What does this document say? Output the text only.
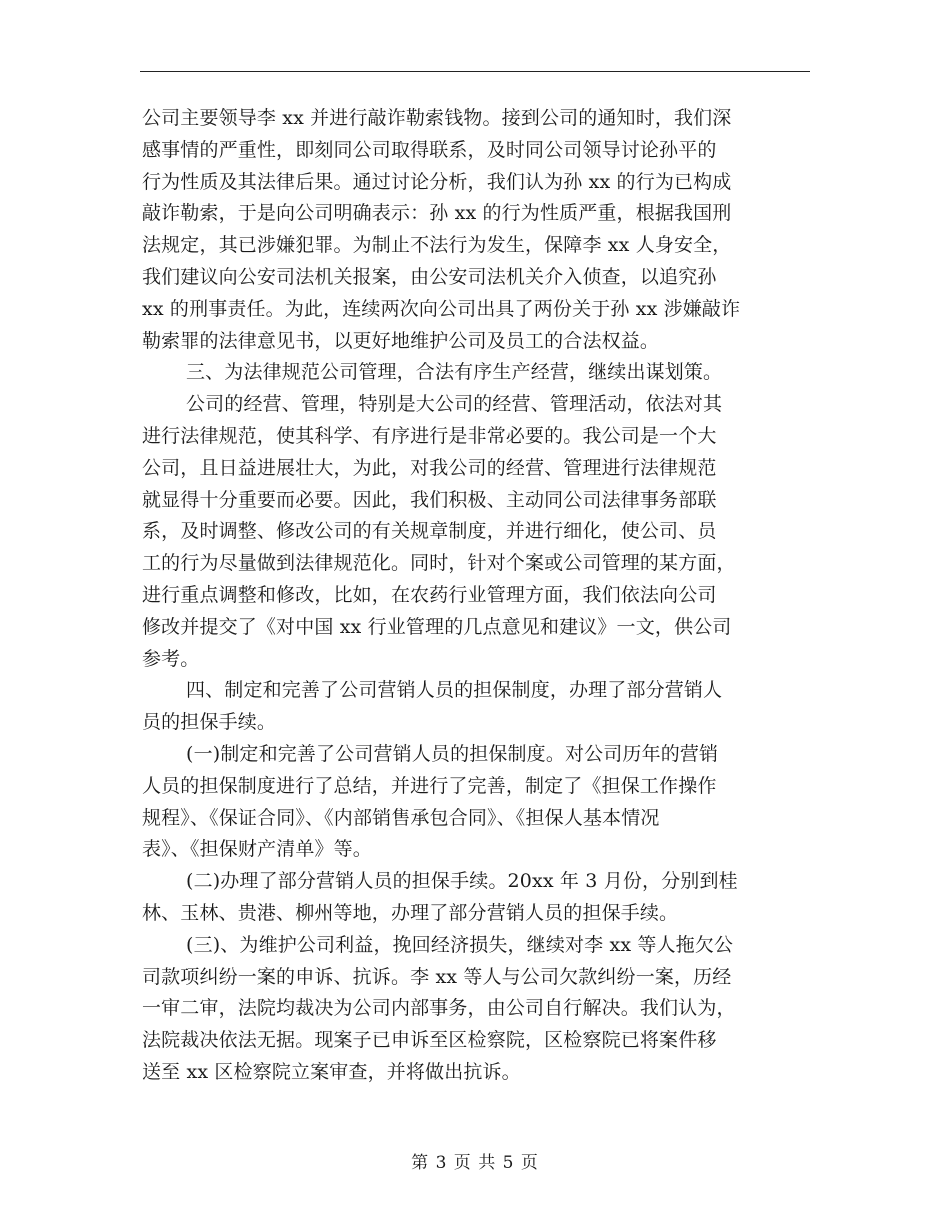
公司主要领导李 xx 并进行敲诈勒索钱物。接到公司的通知时，我们深
感事情的严重性，即刻同公司取得联系，及时同公司领导讨论孙平的
行为性质及其法律后果。通过讨论分析，我们认为孙 xx 的行为已构成
敲诈勒索，于是向公司明确表示：孙 xx 的行为性质严重，根据我国刑
法规定，其已涉嫌犯罪。为制止不法行为发生，保障李 xx 人身安全，
我们建议向公安司法机关报案，由公安司法机关介入侦查，以追究孙
xx 的刑事责任。为此，连续两次向公司出具了两份关于孙 xx 涉嫌敲诈
勒索罪的法律意见书，以更好地维护公司及员工的合法权益。
三、为法律规范公司管理，合法有序生产经营，继续出谋划策。
公司的经营、管理，特别是大公司的经营、管理活动，依法对其
进行法律规范，使其科学、有序进行是非常必要的。我公司是一个大
公司，且日益进展壮大，为此，对我公司的经营、管理进行法律规范
就显得十分重要而必要。因此，我们积极、主动同公司法律事务部联
系，及时调整、修改公司的有关规章制度，并进行细化，使公司、员
工的行为尽量做到法律规范化。同时，针对个案或公司管理的某方面，
进行重点调整和修改，比如，在农药行业管理方面，我们依法向公司
修改并提交了《对中国 xx 行业管理的几点意见和建议》一文，供公司
参考。
四、制定和完善了公司营销人员的担保制度，办理了部分营销人
员的担保手续。
(一)制定和完善了公司营销人员的担保制度。对公司历年的营销
人员的担保制度进行了总结，并进行了完善，制定了《担保工作操作
规程》、《保证合同》、《内部销售承包合同》、《担保人基本情况
表》、《担保财产清单》等。
(二)办理了部分营销人员的担保手续。20xx 年 3 月份，分别到桂
林、玉林、贵港、柳州等地，办理了部分营销人员的担保手续。
(三)、为维护公司利益，挽回经济损失，继续对李 xx 等人拖欠公
司款项纠纷一案的申诉、抗诉。李 xx 等人与公司欠款纠纷一案，历经
一审二审，法院均裁决为公司内部事务，由公司自行解决。我们认为，
法院裁决依法无据。现案子已申诉至区检察院，区检察院已将案件移
送至 xx 区检察院立案审查，并将做出抗诉。
第 3 页 共 5 页
